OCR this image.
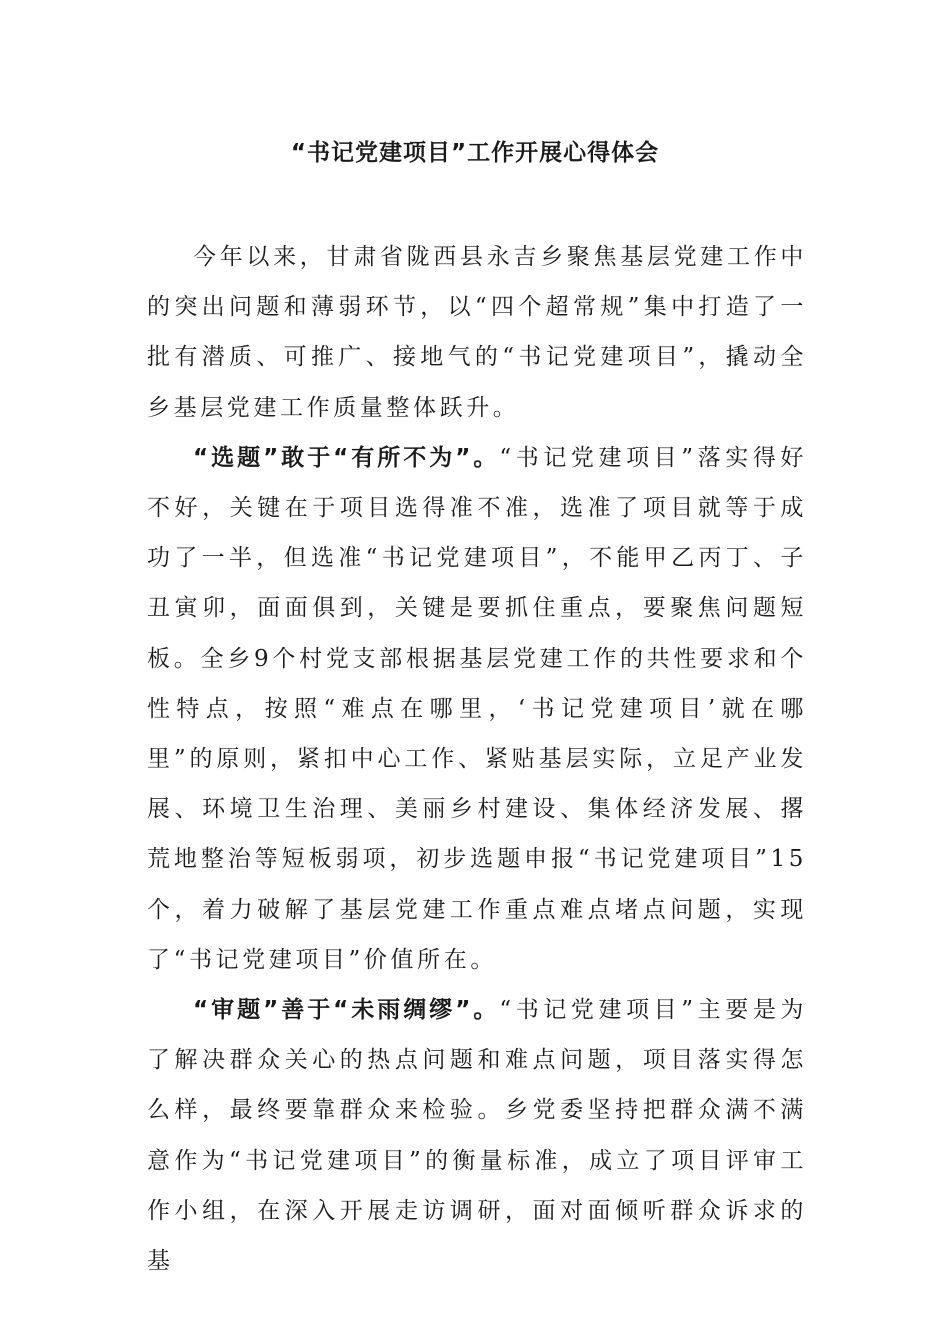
“书记党建项目”工作开展心得体会

今年以来，甘肃省陇西县永吉乡聚焦基层党建工作中的突出问题和薄弱环节，以“四个超常规”集中打造了一批有潜质、可推广、接地气的“书记党建项目”，撬动全乡基层党建工作质量整体跃升。

“选题”敢于“有所不为”。“书记党建项目”落实得好不好，关键在于项目选得准不准，选准了项目就等于成功了一半，但选准“书记党建项目”，不能甲乙丙丁、子丑寅卯，面面俱到，关键是要抓住重点，要聚焦问题短板。全乡9个村党支部根据基层党建工作的共性要求和个性特点，按照“难点在哪里，‘书记党建项目’就在哪里”的原则，紧扣中心工作、紧贴基层实际，立足产业发展、环境卫生治理、美丽乡村建设、集体经济发展、撂荒地整治等短板弱项，初步选题申报“书记党建项目”15个，着力破解了基层党建工作重点难点堵点问题，实现了“书记党建项目”价值所在。

“审题”善于“未雨绸缪”。“书记党建项目”主要是为了解决群众关心的热点问题和难点问题，项目落实得怎么样，最终要靠群众来检验。乡党委坚持把群众满不满意作为“书记党建项目”的衡量标准，成立了项目评审工作小组，在深入开展走访调研，面对面倾听群众诉求的基
